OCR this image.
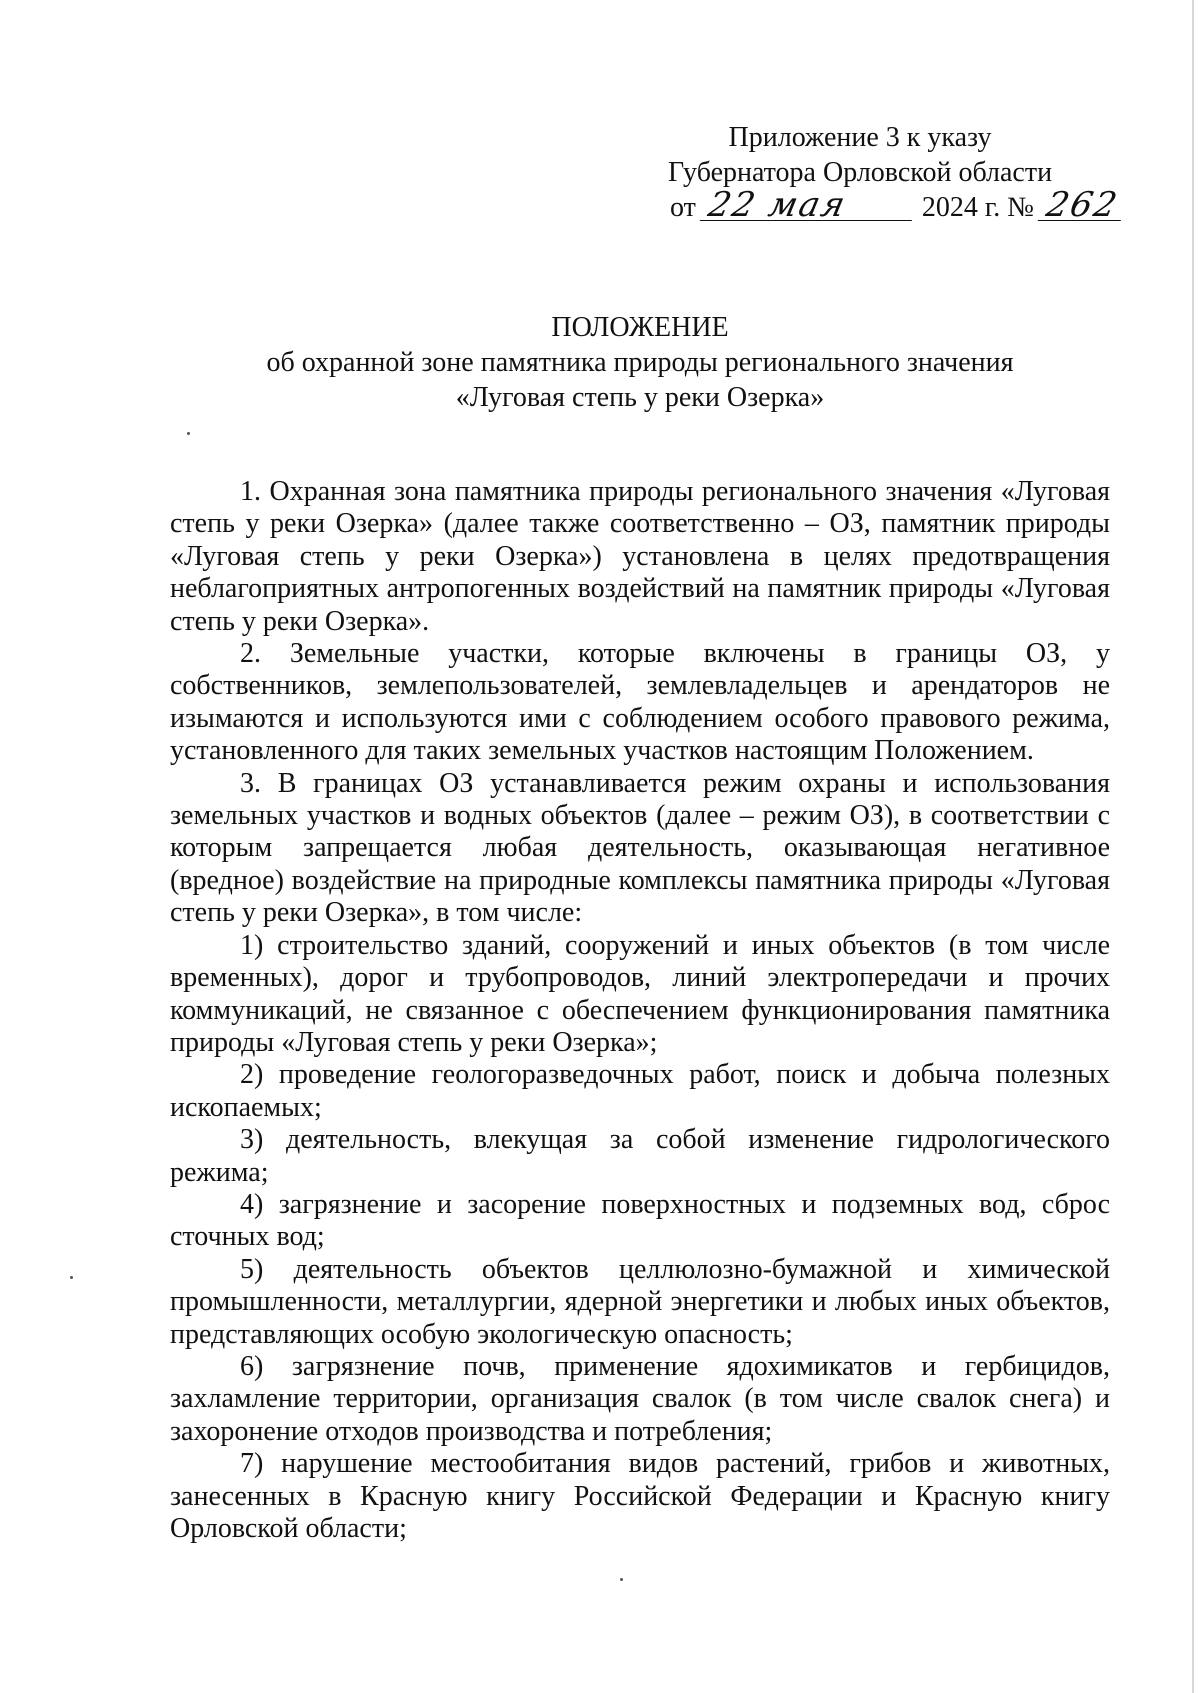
Приложение 3 к указу
Губернатора Орловской области
от 22 мая	2024 г. № 262
ПОЛОЖЕНИЕ
об охранной зоне памятника природы регионального значения
«Луговая степь у реки Озерка»

1. Охранная зона памятника природы регионального значения «Луговая степь у реки Озерка» (далее также соответственно – ОЗ, памятник природы «Луговая степь у реки Озерка») установлена в целях предотвращения неблагоприятных антропогенных воздействий на памятник природы «Луговая степь у реки Озерка».

2. Земельные участки, которые включены в границы ОЗ, у собственников, землепользователей, землевладельцев и арендаторов не изымаются и используются ими с соблюдением особого правового режима, установленного для таких земельных участков настоящим Положением.

3. В границах ОЗ устанавливается режим охраны и использования земельных участков и водных объектов (далее – режим ОЗ), в соответствии с которым запрещается любая деятельность, оказывающая негативное (вредное) воздействие на природные комплексы памятника природы «Луговая степь у реки Озерка», в том числе:

1) строительство зданий, сооружений и иных объектов (в том числе временных), дорог и трубопроводов, линий электропередачи и прочих коммуникаций, не связанное с обеспечением функционирования памятника природы «Луговая степь у реки Озерка»;

2) проведение геологоразведочных работ, поиск и добыча полезных ископаемых;

3) деятельность, влекущая за собой изменение гидрологического режима;

4) загрязнение и засорение поверхностных и подземных вод, сброс сточных вод;

5) деятельность объектов целлюлозно-бумажной и химической промышленности, металлургии, ядерной энергетики и любых иных объектов, представляющих особую экологическую опасность;

6) загрязнение почв, применение ядохимикатов и гербицидов, захламление территории, организация свалок (в том числе свалок снега) и захоронение отходов производства и потребления;

7) нарушение местообитания видов растений, грибов и животных, занесенных в Красную книгу Российской Федерации и Красную книгу Орловской области;
